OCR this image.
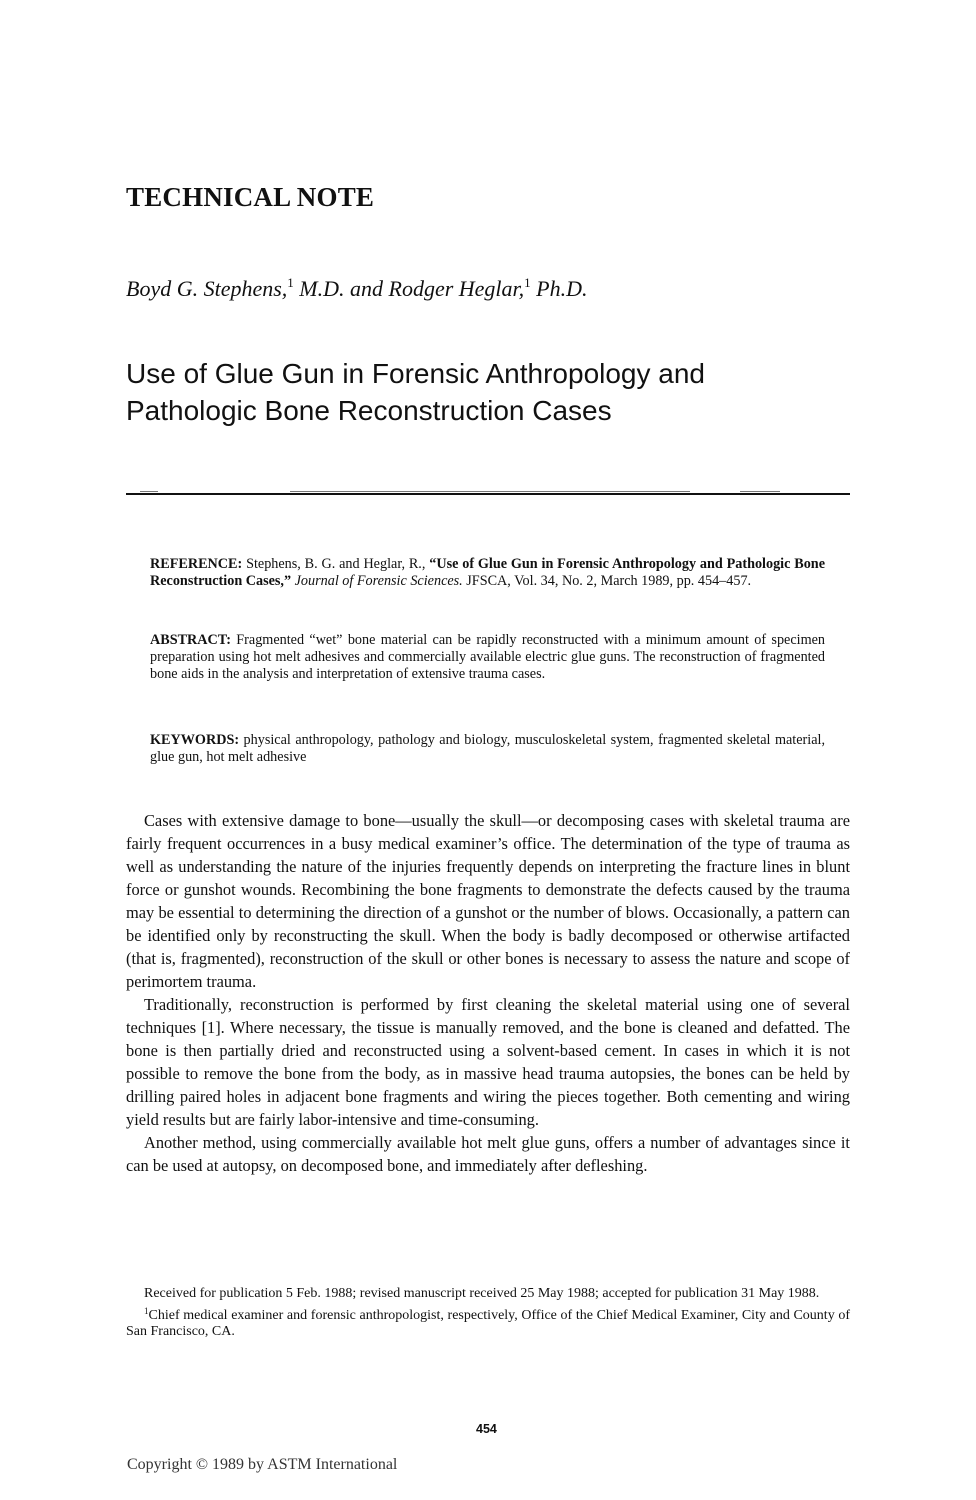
TECHNICAL NOTE
Boyd G. Stephens,$^1$ M.D. and Rodger Heglar,$^1$ Ph.D.
Use of Glue Gun in Forensic Anthropology and
Pathologic Bone Reconstruction Cases
REFERENCE: Stephens, B. G. and Heglar, R., “Use of Glue Gun in Forensic Anthropology and Pathologic Bone Reconstruction Cases,” Journal of Forensic Sciences. JFSCA, Vol. 34, No. 2, March 1989, pp. 454–457.
ABSTRACT: Fragmented “wet” bone material can be rapidly reconstructed with a minimum amount of specimen preparation using hot melt adhesives and commercially available electric glue guns. The reconstruction of fragmented bone aids in the analysis and interpretation of extensive trauma cases.
KEYWORDS: physical anthropology, pathology and biology, musculoskeletal system, fragmented skeletal material, glue gun, hot melt adhesive

Cases with extensive damage to bone—usually the skull—or decomposing cases with skeletal trauma are fairly frequent occurrences in a busy medical examiner’s office. The determination of the type of trauma as well as understanding the nature of the injuries frequently depends on interpreting the fracture lines in blunt force or gunshot wounds. Recombining the bone fragments to demonstrate the defects caused by the trauma may be essential to determining the direction of a gunshot or the number of blows. Occasionally, a pattern can be identified only by reconstructing the skull. When the body is badly decomposed or otherwise artifacted (that is, fragmented), reconstruction of the skull or other bones is necessary to assess the nature and scope of perimortem trauma.

Traditionally, reconstruction is performed by first cleaning the skeletal material using one of several techniques [1]. Where necessary, the tissue is manually removed, and the bone is cleaned and defatted. The bone is then partially dried and reconstructed using a solvent-based cement. In cases in which it is not possible to remove the bone from the body, as in massive head trauma autopsies, the bones can be held by drilling paired holes in adjacent bone fragments and wiring the pieces together. Both cementing and wiring yield results but are fairly labor-intensive and time-consuming.

Another method, using commercially available hot melt glue guns, offers a number of advantages since it can be used at autopsy, on decomposed bone, and immediately after defleshing.

Received for publication 5 Feb. 1988; revised manuscript received 25 May 1988; accepted for publication 31 May 1988.

$^1$Chief medical examiner and forensic anthropologist, respectively, Office of the Chief Medical Examiner, City and County of San Francisco, CA.

454
Copyright © 1989 by ASTM International
